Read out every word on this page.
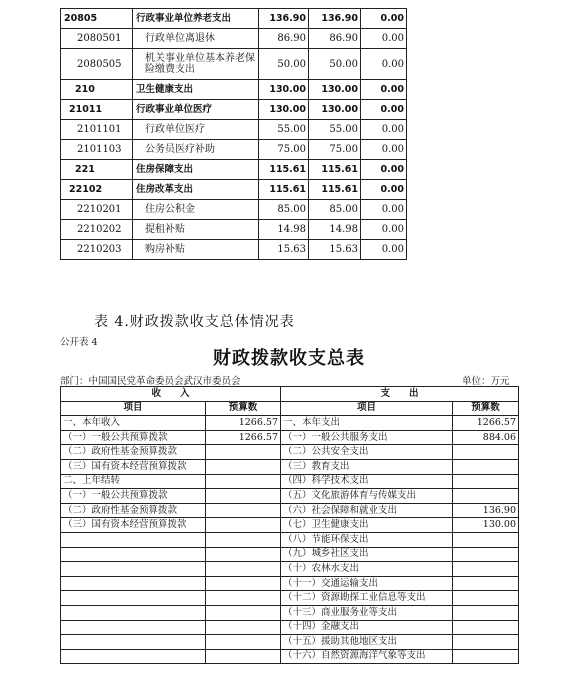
20805	行政事业单位养老支出	136.90	136.90	0.00
2080501	行政单位离退休	86.90	86.90	0.00
2080505	机关事业单位基本养老保险缴费支出	50.00	50.00	0.00
210	卫生健康支出	130.00	130.00	0.00
21011	行政事业单位医疗	130.00	130.00	0.00
2101101	行政单位医疗	55.00	55.00	0.00
2101103	公务员医疗补助	75.00	75.00	0.00
221	住房保障支出	115.61	115.61	0.00
22102	住房改革支出	115.61	115.61	0.00
2210201	住房公积金	85.00	85.00	0.00
2210202	提租补贴	14.98	14.98	0.00
2210203	购房补贴	15.63	15.63	0.00
表 4.财政拨款收支总体情况表
公开表 4
财政拨款收支总表
部门：中国国民党革命委员会武汉市委员会	单位：万元
收　　入		支　　出	
项目	预算数	项目	预算数
一、本年收入	1266.57	一、本年支出	1266.57
（一）一般公共预算拨款	1266.57	（一）一般公共服务支出	884.06
（二）政府性基金预算拨款		（二）公共安全支出	
（三）国有资本经营预算拨款		（三）教育支出	
二、上年结转		（四）科学技术支出	
（一）一般公共预算拨款		（五）文化旅游体育与传媒支出	
（二）政府性基金预算拨款		（六）社会保障和就业支出	136.90
（三）国有资本经营预算拨款		（七）卫生健康支出	130.00
		（八）节能环保支出	
		（九）城乡社区支出	
		（十）农林水支出	
		（十一）交通运输支出	
		（十二）资源勘探工业信息等支出	
		（十三）商业服务业等支出	
		（十四）金融支出	
		（十五）援助其他地区支出	
		（十六）自然资源海洋气象等支出	
